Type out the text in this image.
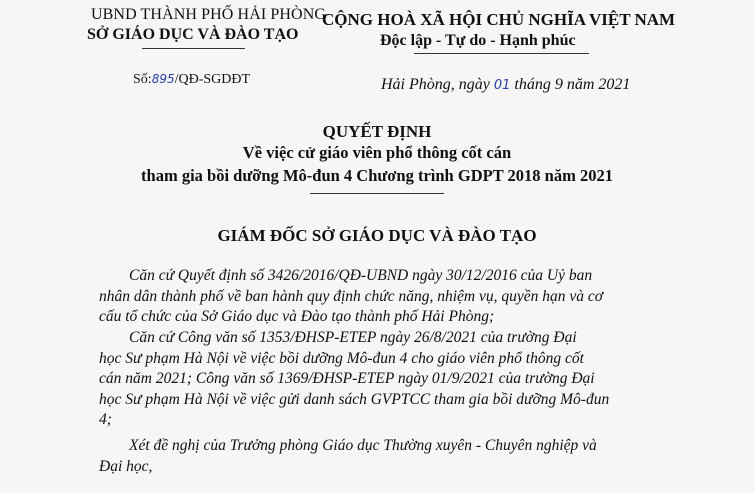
UBND THÀNH PHỐ HẢI PHÒNG
SỞ GIÁO DỤC VÀ ĐÀO TẠO
CỘNG HOÀ XÃ HỘI CHỦ NGHĨA VIỆT NAM
Độc lập - Tự do - Hạnh phúc
Số:895/QĐ-SGDĐT	Hải Phòng, ngày 01 tháng 9 năm 2021
QUYẾT ĐỊNH
Về việc cử giáo viên phổ thông cốt cán
tham gia bồi dưỡng Mô-đun 4 Chương trình GDPT 2018 năm 2021
GIÁM ĐỐC SỞ GIÁO DỤC VÀ ĐÀO TẠO
Căn cứ Quyết định số 3426/2016/QĐ-UBND ngày 30/12/2016 của Uỷ ban
nhân dân thành phố về ban hành quy định chức năng, nhiệm vụ, quyền hạn và cơ
cấu tổ chức của Sở Giáo dục và Đào tạo thành phố Hải Phòng;
Căn cứ Công văn số 1353/ĐHSP-ETEP ngày 26/8/2021 của trường Đại
học Sư phạm Hà Nội về việc bồi dưỡng Mô-đun 4 cho giáo viên phổ thông cốt
cán năm 2021; Công văn số 1369/ĐHSP-ETEP ngày 01/9/2021 của trường Đại
học Sư phạm Hà Nội về việc gửi danh sách GVPTCC tham gia bồi dưỡng Mô-đun
4;
Xét đề nghị của Trưởng phòng Giáo dục Thường xuyên - Chuyên nghiệp và
Đại học,
